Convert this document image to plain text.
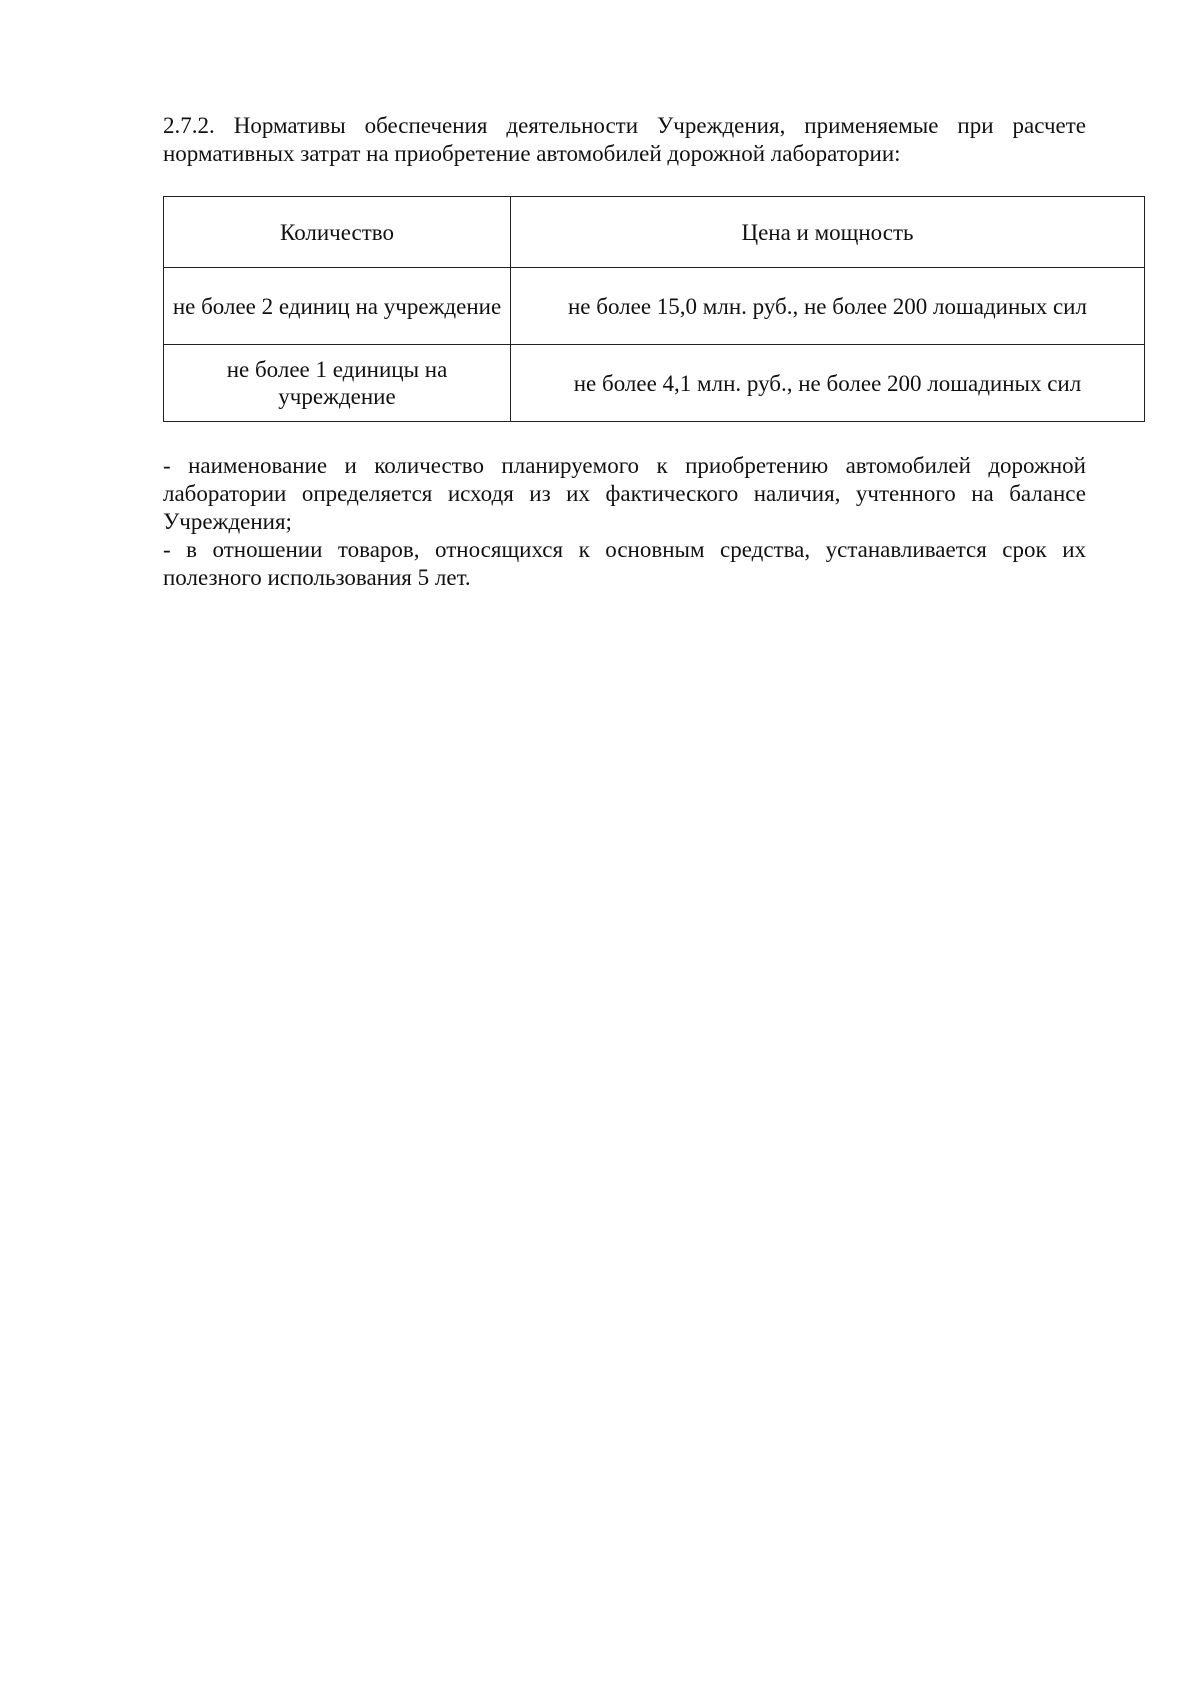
2.7.2. Нормативы обеспечения деятельности Учреждения, применяемые при расчете
нормативных затрат на приобретение автомобилей дорожной лаборатории:
Количество	Цена и мощность
не более 2 единиц на учреждение	не более 15,0 млн. руб., не более 200 лошадиных сил
не более 1 единицы на учреждение	не более 4,1 млн. руб., не более 200 лошадиных сил

- наименование и количество планируемого к приобретению автомобилей дорожной лаборатории определяется исходя из их фактического наличия, учтенного на балансе Учреждения;

- в отношении товаров, относящихся к основным средства, устанавливается срок их полезного использования 5 лет.
